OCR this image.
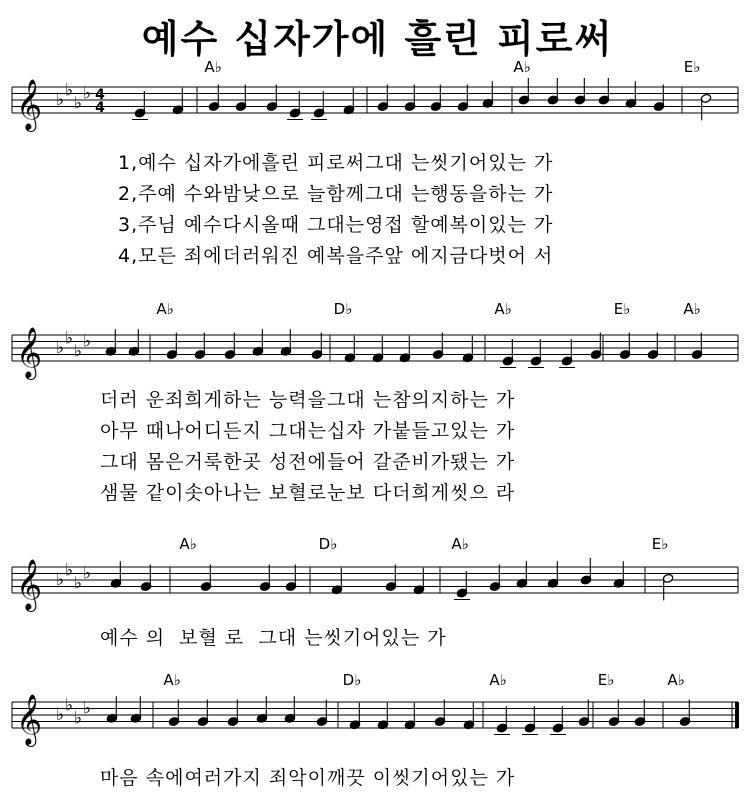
예수 십자가에 흘린 피로써
𝄞 ♭ ♭
♭ ♭ 4
4
A♭	A♭	E♭
𝄞 ♭ ♭
♭ ♭
A♭	D♭	A♭	E♭	A♭
𝄞 ♭ ♭
♭ ♭
A♭	D♭	A♭	E♭
𝄞 ♭ ♭
♭ ♭
A♭	D♭	A♭	E♭	A♭
1,예수 십자가에흘린 피로써그대 는씻기어있는 가
2,주예 수와밤낮으로 늘함께그대 는행동을하는 가
3,주님 예수다시올때 그대는영접 할예복이있는 가
4,모든 죄에더러워진 예복을주앞 에지금다벗어 서
더러 운죄희게하는 능력을그대 는참의지하는 가
아무 때나어디든지 그대는십자 가붙들고있는 가
그대 몸은거룩한곳 성전에들어 갈준비가됐는 가
샘물 같이솟아나는 보혈로눈보 다더희게씻으 라
예수 의  보혈 로  그대 는씻기어있는 가
마음 속에여러가지 죄악이깨끗 이씻기어있는 가
